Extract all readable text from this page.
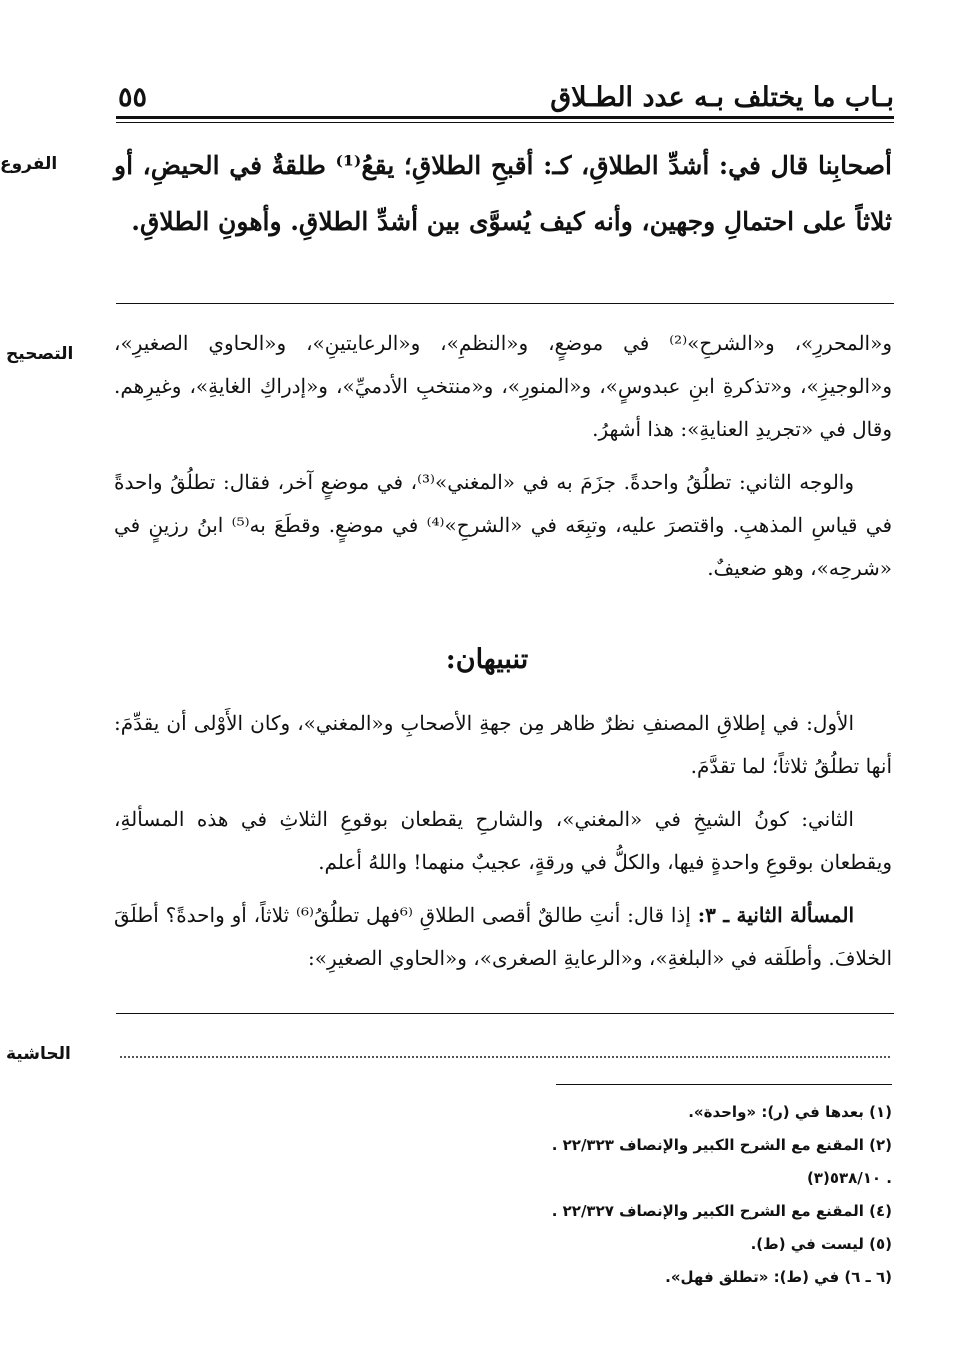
بـاب ما يختلف بـه عدد الطـلاق
٥٥
الفروع	أصحابِنا قال في: أشدِّ الطلاقِ، كـ: أقبحِ الطلاقِ؛ يقعُ⁽¹⁾ طلقةٌ في الحيضِ، أو ثلاثاً على احتمالِ وجهين، وأنه كيف يُسوَّى بين أشدِّ الطلاقِ. وأهونِ الطلاقِ.
التصحيح	و«المحررِ»، و«الشرحِ»⁽²⁾ في موضعٍ، و«النظمِ»، و«الرعايتينِ»، و«الحاوي الصغيرِ»، و«الوجيزِ»، و«تذكرةِ ابنِ عبدوسٍ»، و«المنورِ»، و«منتخبِ الأدميِّ»، و«إدراكِ الغايةِ»، وغيرِهم. وقال في «تجريدِ العنايةِ»: هذا أشهرُ.

والوجه الثاني: تطلُقُ واحدةً. جزَمَ به في «المغني»⁽³⁾، في موضعٍ آخر، فقال: تطلُقُ واحدةً في قياسِ المذهبِ. واقتصرَ عليه، وتبِعَه في «الشرحِ»⁽⁴⁾ في موضعٍ. وقطَعَ به⁽⁵⁾ ابنُ رزينٍ في «شرحِه»، وهو ضعيفٌ.

تنبيهان:

الأول: في إطلاقِ المصنفِ نظرٌ ظاهر مِن جهةِ الأصحابِ و«المغني»، وكان الأَوْلى أن يقدِّمَ: أنها تطلُقُ ثلاثاً؛ لما تقدَّمَ.

الثاني: كونُ الشيخِ في «المغني»، والشارحِ يقطعان بوقوعِ الثلاثِ في هذه المسألةِ، ويقطعان بوقوعِ واحدةٍ فيها، والكلُّ في ورقةٍ، عجيبٌ منهما! واللهُ أعلم.

المسألة الثانية ـ ٣: إذا قال: أنتِ طالقٌ أقصى الطلاقِ ⁽⁶فهل تطلُقُ⁽⁶⁾ ثلاثاً، أو واحدةً؟ أطلَقَ الخلافَ. وأطلَقه في «البلغةِ»، و«الرعايةِ الصغرى»، و«الحاوي الصغيرِ»:

الحاشية
(١) بعدها في (ر): «واحدة».
(٢) المقنع مع الشرح الكبير والإنصاف ٢٢/٣٢٣ .
. ٥٣٨/١٠(٣)
(٤) المقنع مع الشرح الكبير والإنصاف ٢٢/٣٢٧ .
(٥) ليست في (ط).
(٦ ـ ٦) في (ط): «تطلق فهل».
